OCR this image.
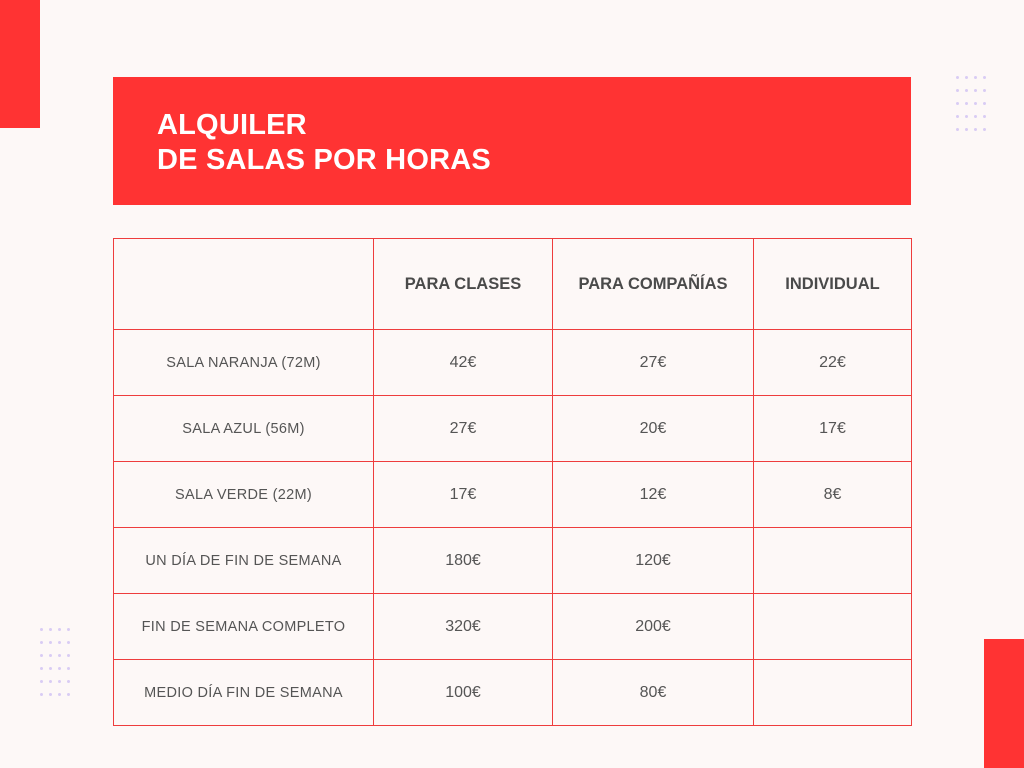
ALQUILER
DE SALAS POR HORAS
	PARA CLASES	PARA COMPAÑÍAS	INDIVIDUAL
SALA NARANJA (72M)	42€	27€	22€
SALA AZUL (56M)	27€	20€	17€
SALA VERDE (22M)	17€	12€	8€
UN DÍA DE FIN DE SEMANA	180€	120€	
FIN DE SEMANA COMPLETO	320€	200€	
MEDIO DÍA FIN DE SEMANA	100€	80€	
